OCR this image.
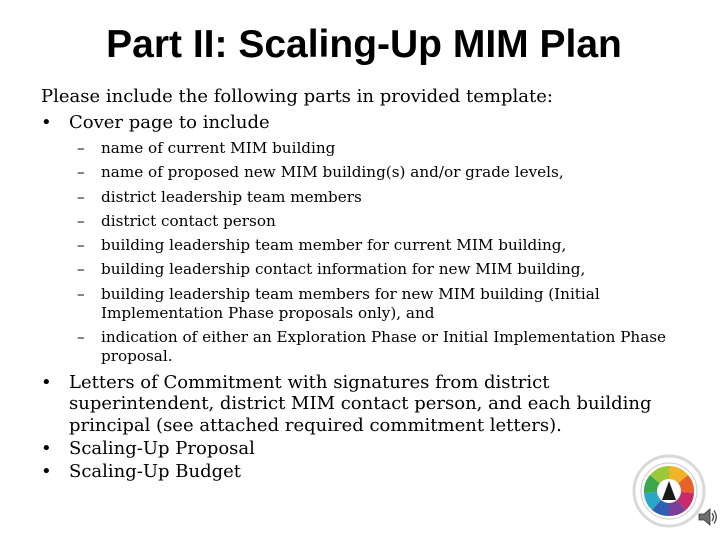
Part II: Scaling-Up MIM Plan
Please include the following parts in provided template:
• Cover page to include

– name of current MIM building

– name of proposed new MIM building(s) and/or grade levels,

– district leadership team members

– district contact person

– building leadership team member for current MIM building,

– building leadership contact information for new MIM building,

– building leadership team members for new MIM building (Initial Implementation Phase proposals only), and

– indication of either an Exploration Phase or Initial Implementation Phase proposal.

• Letters of Commitment with signatures from district superintendent, district MIM contact person, and each building principal (see attached required commitment letters).
• Scaling-Up Proposal
• Scaling-Up Budget
